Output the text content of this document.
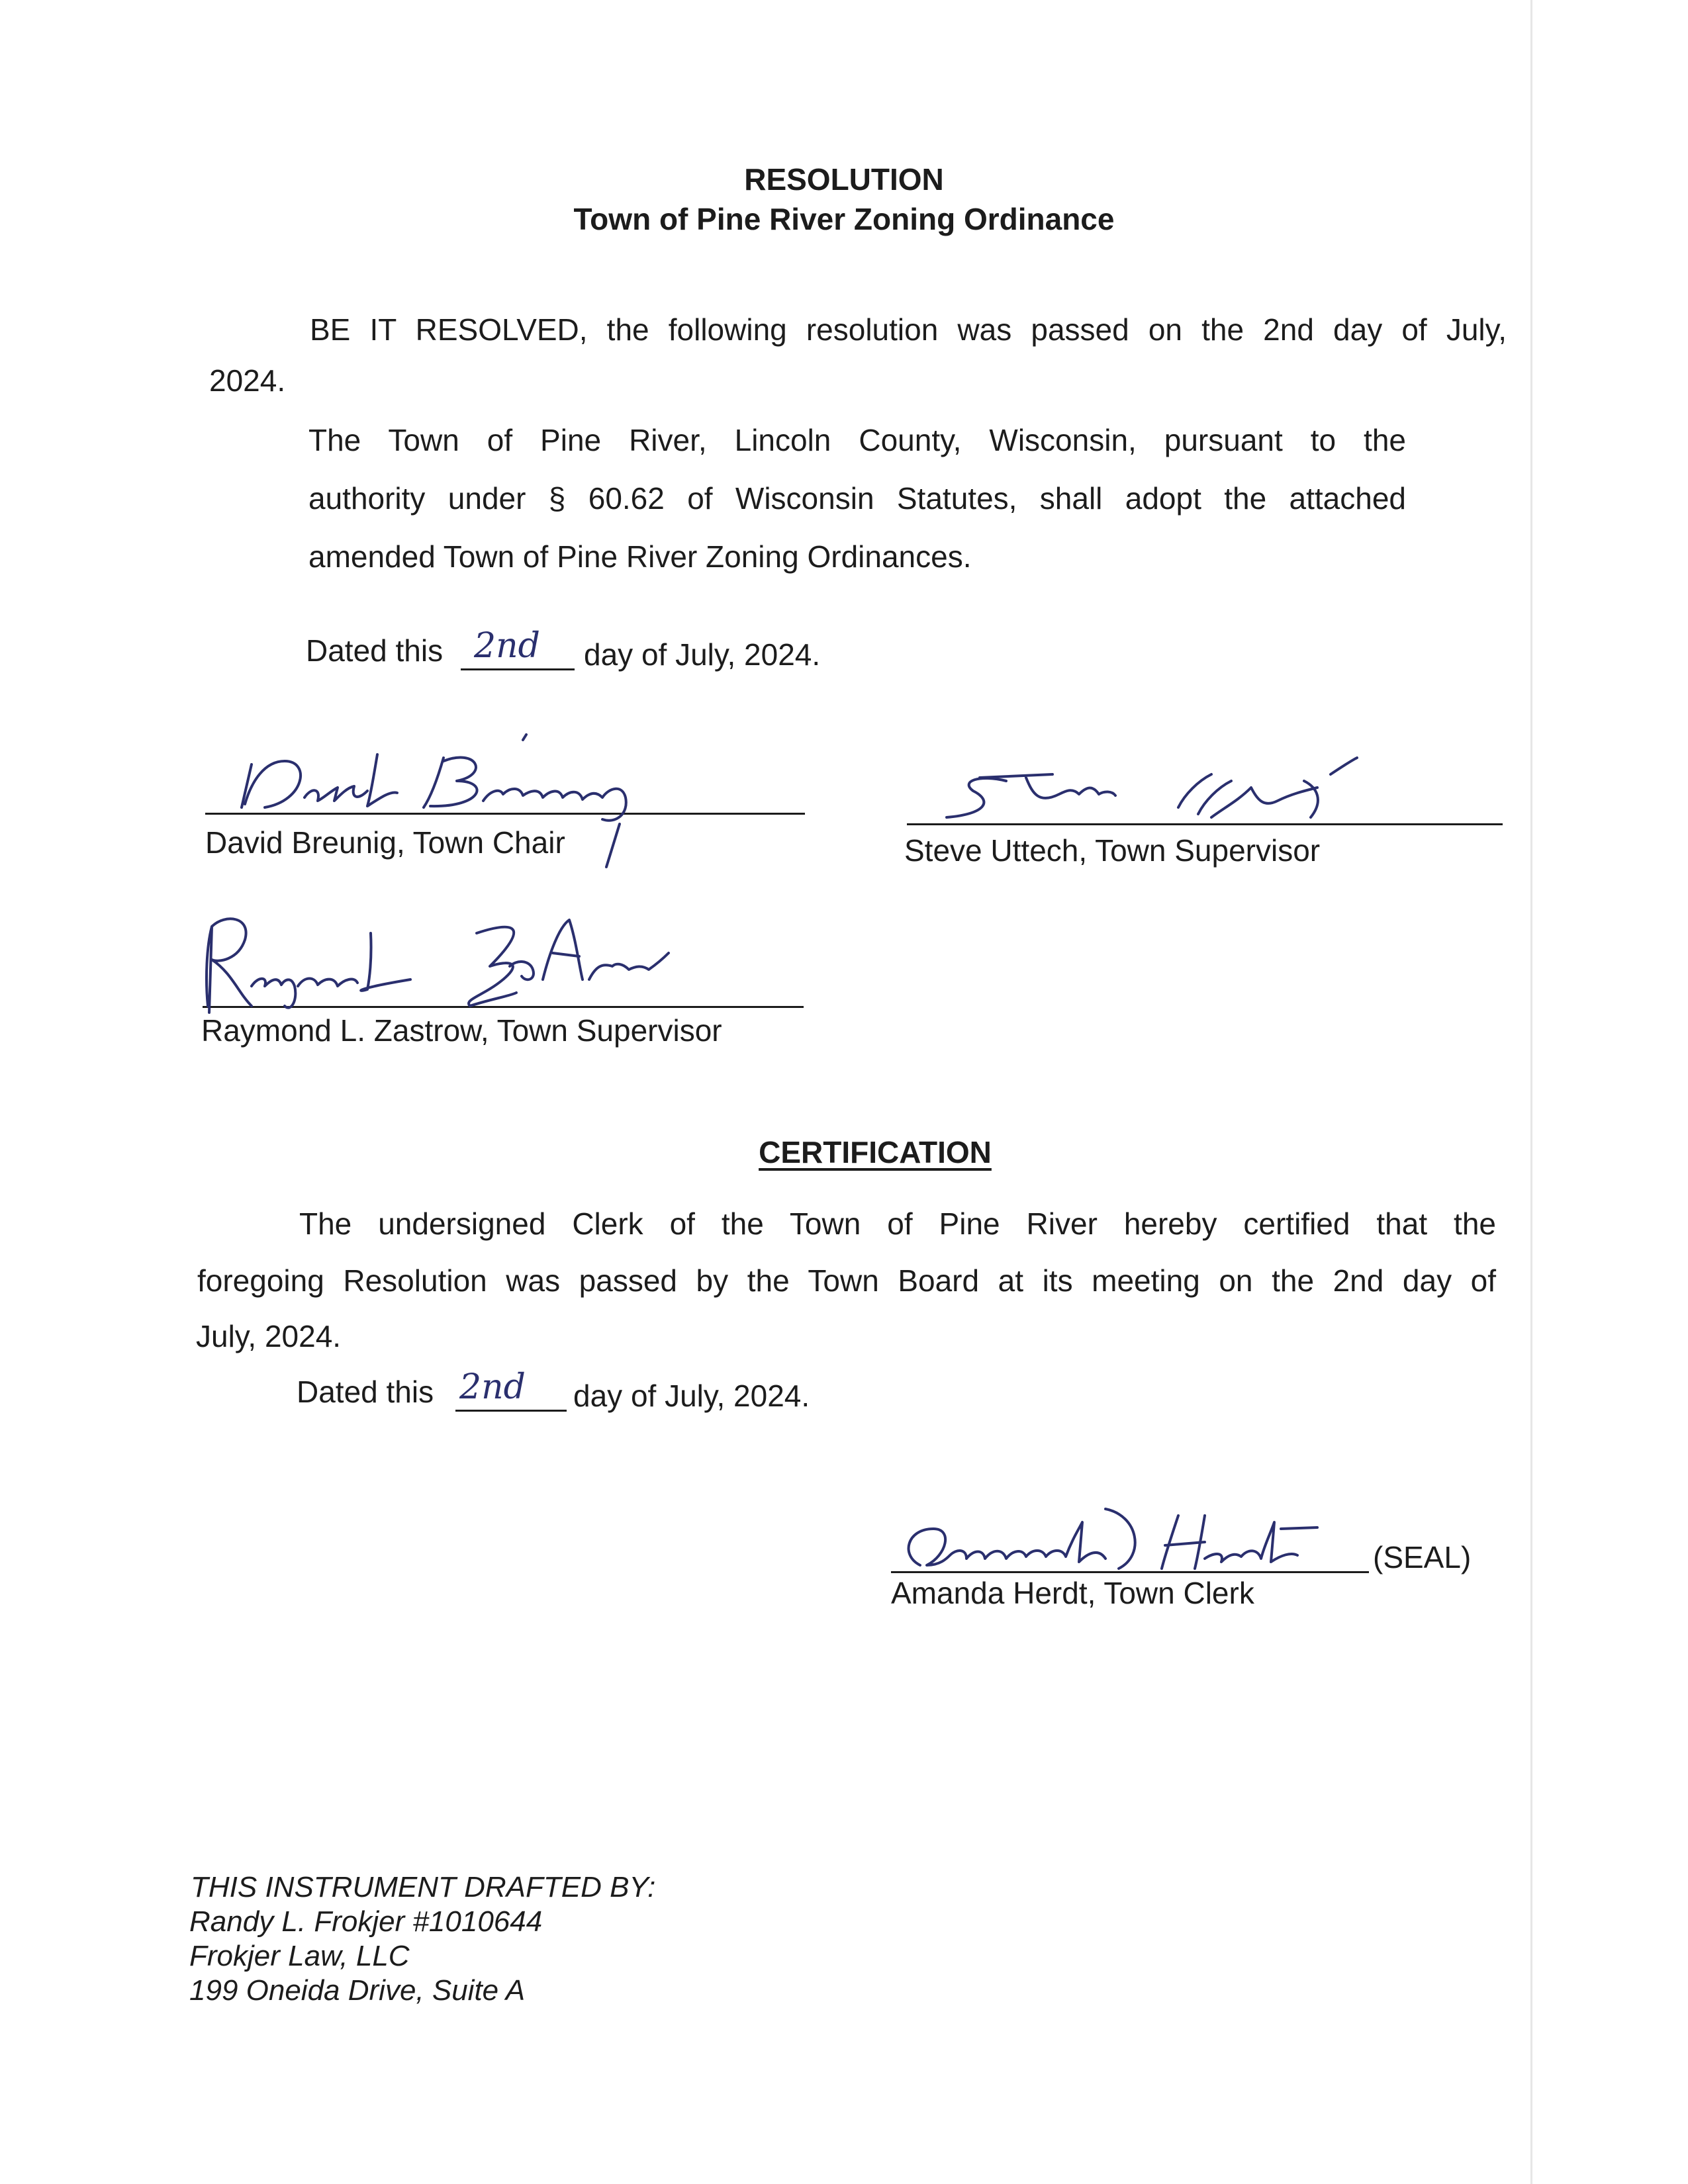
RESOLUTION
Town of Pine River Zoning Ordinance
BE IT RESOLVED, the following resolution was passed on the 2nd day of July,
2024.
The Town of Pine River, Lincoln County, Wisconsin, pursuant to the
authority under § 60.62 of Wisconsin Statutes, shall adopt the attached
amended Town of Pine River Zoning Ordinances.
Dated this 2nd day of July, 2024.
David Breunig, Town Chair	Steve Uttech, Town Supervisor
Raymond L. Zastrow, Town Supervisor
CERTIFICATION
The undersigned Clerk of the Town of Pine River hereby certified that the
foregoing Resolution was passed by the Town Board at its meeting on the 2nd day of
July, 2024.
Dated this 2nd day of July, 2024.
(SEAL)
Amanda Herdt, Town Clerk
THIS INSTRUMENT DRAFTED BY:
Randy L. Frokjer #1010644
Frokjer Law, LLC
199 Oneida Drive, Suite A
